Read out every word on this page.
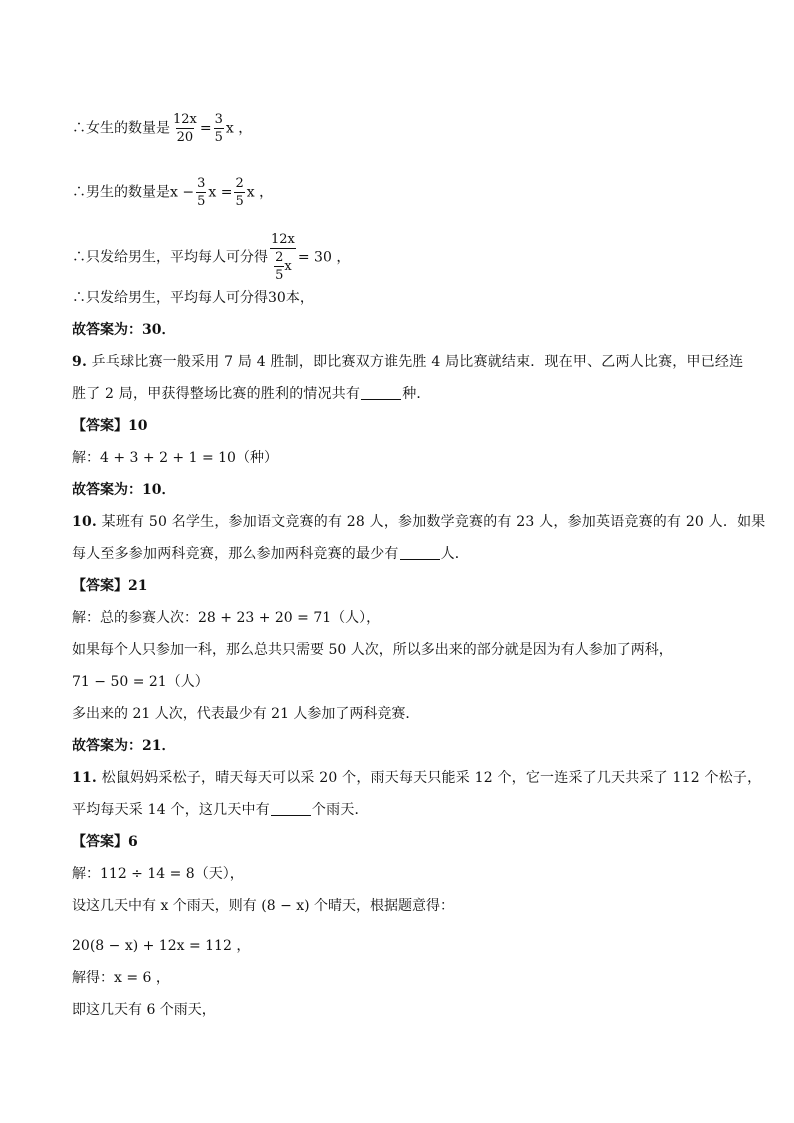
∴女生的数量是 $\frac{12x}{20} = \frac{3}{5}$ x ，
∴男生的数量是$x - \frac{3}{5}$ $x = \frac{2}{5}$ x ，
∴只发给男生，平均每人可分得 $\frac{12x}{\frac{2}{5} x} = 30$ ，
∴只发给男生，平均每人可分得30本，
故答案为：30．
9. 乒乓球比赛一般采用 7 局 4 胜制，即比赛双方谁先胜 4 局比赛就结束．现在甲、乙两人比赛，甲已经连
胜了 2 局，甲获得整场比赛的胜利的情况共有	种．
【答案】10
解：4 + 3 + 2 + 1 = 10（种）
故答案为：10．
10. 某班有 50 名学生，参加语文竞赛的有 28 人，参加数学竞赛的有 23 人，参加英语竞赛的有 20 人．如果
每人至多参加两科竞赛，那么参加两科竞赛的最少有	人．
【答案】21
解：总的参赛人次：28 + 23 + 20 = 71（人），
如果每个人只参加一科，那么总共只需要 50 人次，所以多出来的部分就是因为有人参加了两科，
71 − 50 = 21（人）
多出来的 21 人次，代表最少有 21 人参加了两科竞赛．
故答案为：21．
11. 松鼠妈妈采松子，晴天每天可以采 20 个，雨天每天只能采 12 个，它一连采了几天共采了 112 个松子，
平均每天采 14 个，这几天中有	个雨天．
【答案】6
解：112 ÷ 14 = 8（天），
设这几天中有 x 个雨天，则有 (8 − x) 个晴天，根据题意得：
20(8 − x) + 12x = 112 ，
解得：x = 6 ，
即这几天有 6 个雨天，
